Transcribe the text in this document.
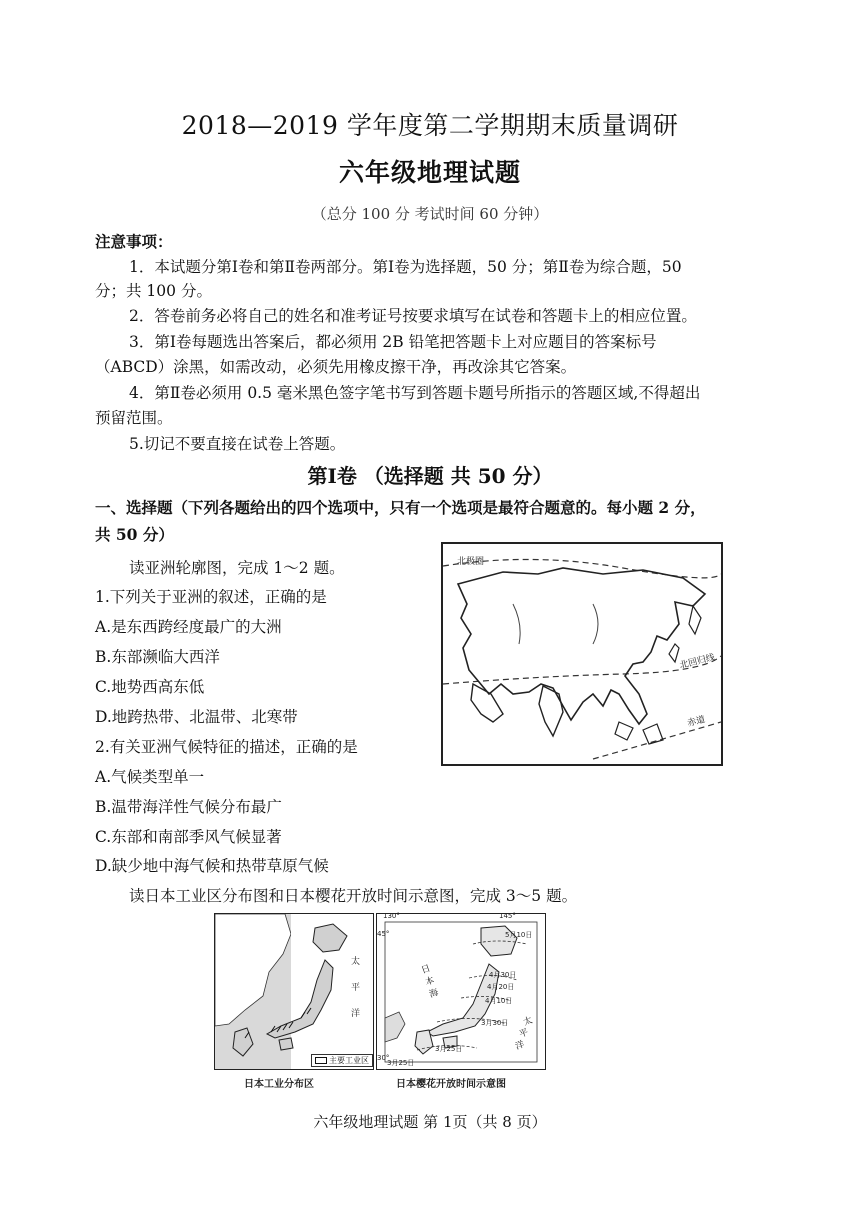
2018—2019 学年度第二学期期末质量调研
六年级地理试题
（总分 100 分 考试时间 60 分钟）
注意事项：
1．本试题分第Ⅰ卷和第Ⅱ卷两部分。第Ⅰ卷为选择题，50 分；第Ⅱ卷为综合题，50
分；共 100 分。
2．答卷前务必将自己的姓名和准考证号按要求填写在试卷和答题卡上的相应位置。
3．第Ⅰ卷每题选出答案后，都必须用 2B 铅笔把答题卡上对应题目的答案标号
（ABCD）涂黑，如需改动，必须先用橡皮擦干净，再改涂其它答案。
4．第Ⅱ卷必须用 0.5 毫米黑色签字笔书写到答题卡题号所指示的答题区域,不得超出
预留范围。
5.切记不要直接在试卷上答题。
第Ⅰ卷 （选择题 共 50 分）
一、选择题（下列各题给出的四个选项中，只有一个选项是最符合题意的。每小题 2 分，
共 50 分）
读亚洲轮廓图，完成 1～2 题。
1.下列关于亚洲的叙述，正确的是
A.是东西跨经度最广的大洲
B.东部濒临大西洋
C.地势西高东低
D.地跨热带、北温带、北寒带
2.有关亚洲气候特征的描述，正确的是
A.气候类型单一
B.温带海洋性气候分布最广
C.东部和南部季风气候显著
D.缺少地中海气候和热带草原气候
读日本工业区分布图和日本樱花开放时间示意图，完成 3～5 题。
北极圈
北回归线
赤道
太
平
洋
主要工业区
日本工业分布区
130°	145°
45°
30°
5月10日
4月30日
4月20日
4月10日
3月30日
3月25日
3月25日
日
本
海
太
平
洋
日本樱花开放时间示意图
六年级地理试题 第 1页（共 8 页）
